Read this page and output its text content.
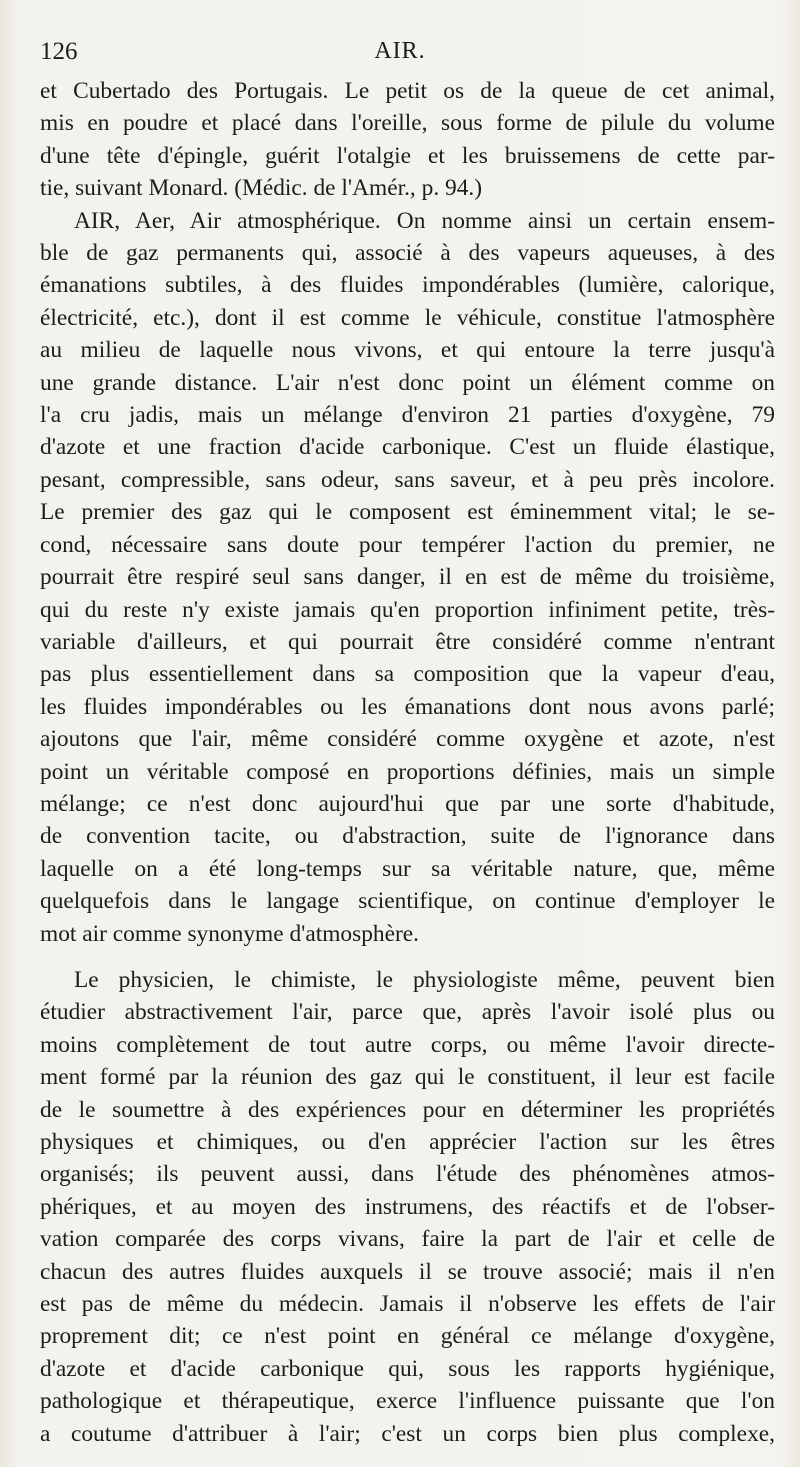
126	AIR.
et Cubertado des Portugais. Le petit os de la queue de cet animal,
mis en poudre et placé dans l'oreille, sous forme de pilule du volume
d'une tête d'épingle, guérit l'otalgie et les bruissemens de cette par-
tie, suivant Monard. (Médic. de l'Amér., p. 94.)
AIR, Aer, Air atmosphérique. On nomme ainsi un certain ensem-
ble de gaz permanents qui, associé à des vapeurs aqueuses, à des
émanations subtiles, à des fluides impondérables (lumière, calorique,
électricité, etc.), dont il est comme le véhicule, constitue l'atmosphère
au milieu de laquelle nous vivons, et qui entoure la terre jusqu'à
une grande distance. L'air n'est donc point un élément comme on
l'a cru jadis, mais un mélange d'environ 21 parties d'oxygène, 79
d'azote et une fraction d'acide carbonique. C'est un fluide élastique,
pesant, compressible, sans odeur, sans saveur, et à peu près incolore.
Le premier des gaz qui le composent est éminemment vital; le se-
cond, nécessaire sans doute pour tempérer l'action du premier, ne
pourrait être respiré seul sans danger, il en est de même du troisième,
qui du reste n'y existe jamais qu'en proportion infiniment petite, très-
variable d'ailleurs, et qui pourrait être considéré comme n'entrant
pas plus essentiellement dans sa composition que la vapeur d'eau,
les fluides impondérables ou les émanations dont nous avons parlé;
ajoutons que l'air, même considéré comme oxygène et azote, n'est
point un véritable composé en proportions définies, mais un simple
mélange; ce n'est donc aujourd'hui que par une sorte d'habitude,
de convention tacite, ou d'abstraction, suite de l'ignorance dans
laquelle on a été long-temps sur sa véritable nature, que, même
quelquefois dans le langage scientifique, on continue d'employer le
mot air comme synonyme d'atmosphère.
Le physicien, le chimiste, le physiologiste même, peuvent bien
étudier abstractivement l'air, parce que, après l'avoir isolé plus ou
moins complètement de tout autre corps, ou même l'avoir directe-
ment formé par la réunion des gaz qui le constituent, il leur est facile
de le soumettre à des expériences pour en déterminer les propriétés
physiques et chimiques, ou d'en apprécier l'action sur les êtres
organisés; ils peuvent aussi, dans l'étude des phénomènes atmos-
phériques, et au moyen des instrumens, des réactifs et de l'obser-
vation comparée des corps vivans, faire la part de l'air et celle de
chacun des autres fluides auxquels il se trouve associé; mais il n'en
est pas de même du médecin. Jamais il n'observe les effets de l'air
proprement dit; ce n'est point en général ce mélange d'oxygène,
d'azote et d'acide carbonique qui, sous les rapports hygiénique,
pathologique et thérapeutique, exerce l'influence puissante que l'on
a coutume d'attribuer à l'air; c'est un corps bien plus complexe,
